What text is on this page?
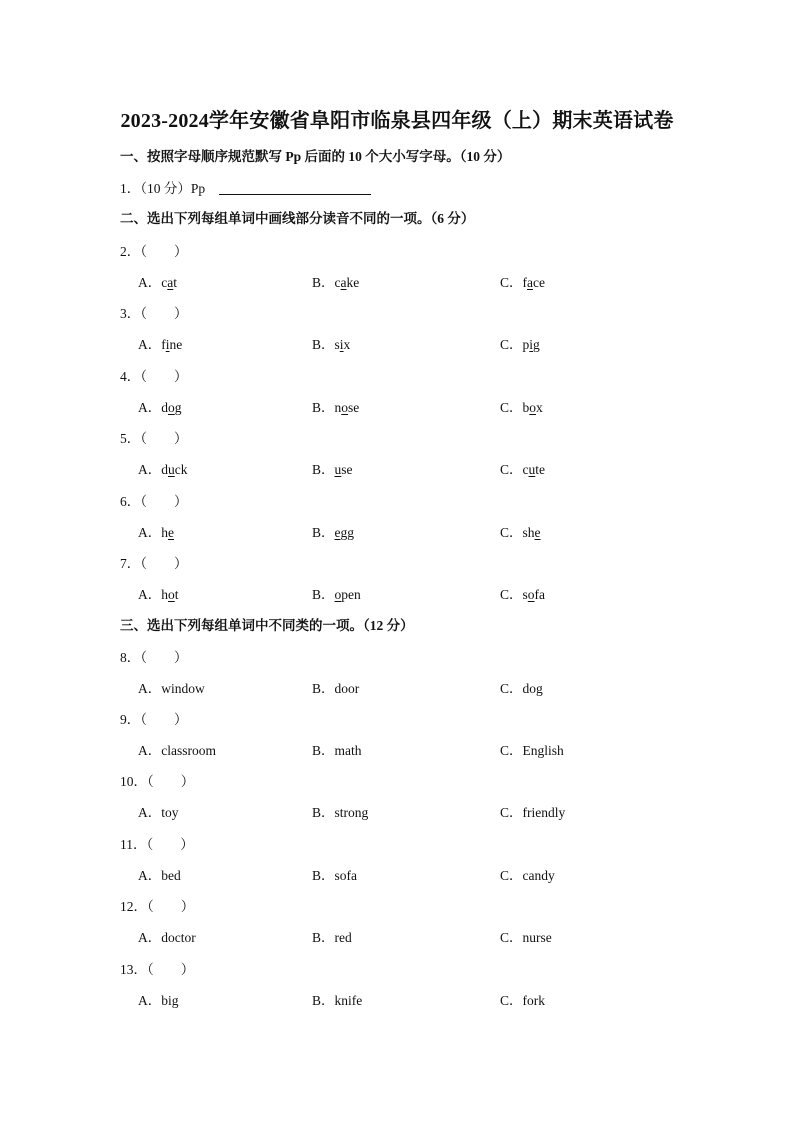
2023-2024学年安徽省阜阳市临泉县四年级（上）期末英语试卷
一、按照字母顺序规范默写 Pp 后面的 10 个大小写字母。（10 分）
1．（10 分）Pp
二、选出下列每组单词中画线部分读音不同的一项。（6 分）
三、选出下列每组单词中不同类的一项。（12 分）
2．（　　）
A．cat	B．cake	C．face
3．（　　）
A．fine	B．six	C．pig
4．（　　）
A．dog	B．nose	C．box
5．（　　）
A．duck	B．use	C．cute
6．（　　）
A．he	B．egg	C．she
7．（　　）
A．hot	B．open	C．sofa
8．（　　）
A．window	B．door	C．dog
9．（　　）
A．classroom	B．math	C．English
10．（　　）
A．toy	B．strong	C．friendly
11．（　　）
A．bed	B．sofa	C．candy
12．（　　）
A．doctor	B．red	C．nurse
13．（　　）
A．big	B．knife	C．fork
